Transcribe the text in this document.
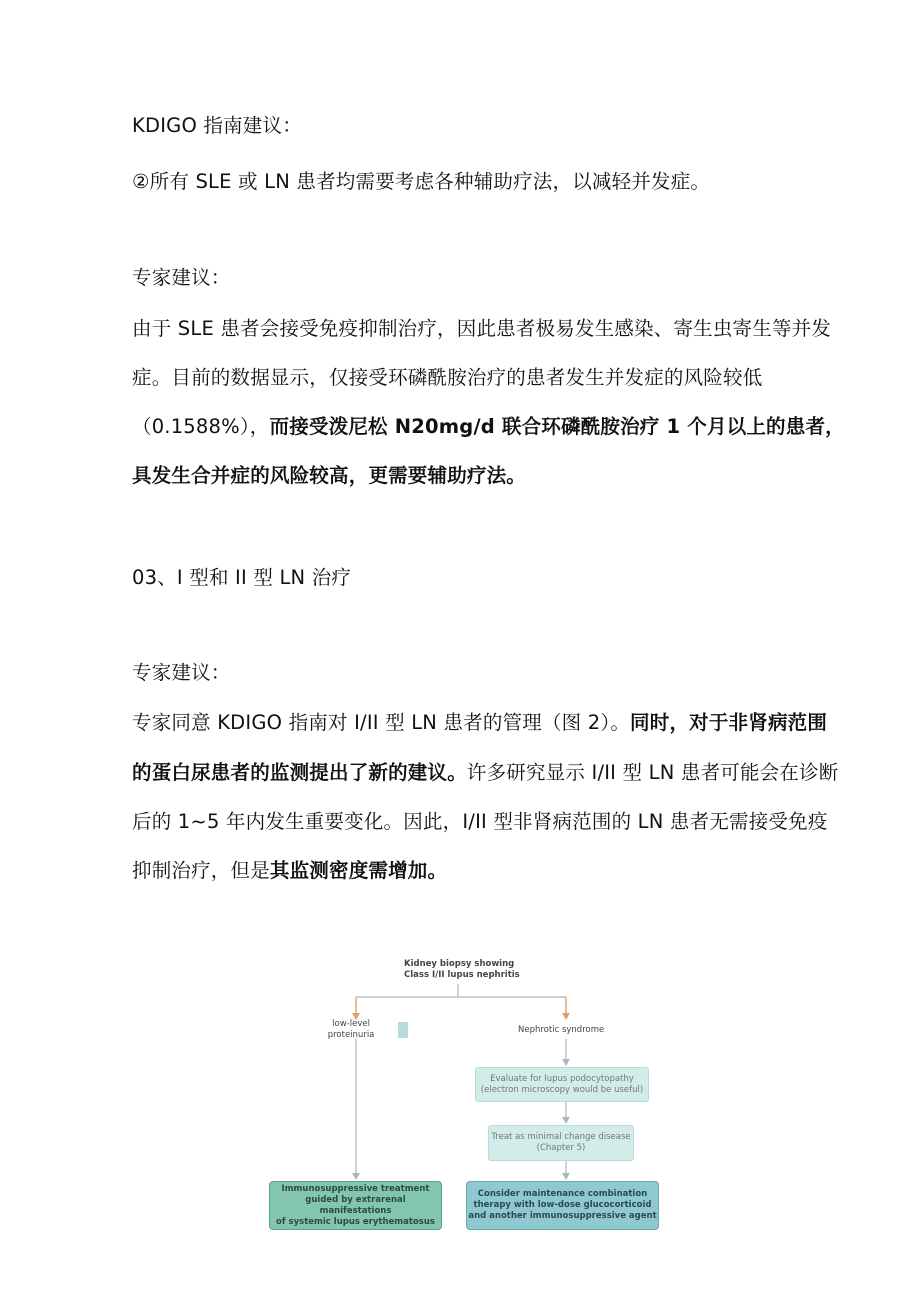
KDIGO 指南建议：
②所有 SLE 或 LN 患者均需要考虑各种辅助疗法，以减轻并发症。
专家建议：
由于 SLE 患者会接受免疫抑制治疗，因此患者极易发生感染、寄生虫寄生等并发
症。目前的数据显示，仅接受环磷酰胺治疗的患者发生并发症的风险较低
（0.1588%），而接受泼尼松 N20mg/d 联合环磷酰胺治疗 1 个月以上的患者，
具发生合并症的风险较高，更需要辅助疗法。
03、I 型和 II 型 LN 治疗
专家建议：
专家同意 KDIGO 指南对 I/II 型 LN 患者的管理（图 2）。同时，对于非肾病范围
的蛋白尿患者的监测提出了新的建议。许多研究显示 I/II 型 LN 患者可能会在诊断
后的 1~5 年内发生重要变化。因此，I/II 型非肾病范围的 LN 患者无需接受免疫
抑制治疗，但是其监测密度需增加。
Kidney biopsy showing
Class I/II lupus nephritis
low-level proteinuria
Nephrotic syndrome
Evaluate for lupus podocytopathy
(electron microscopy would be useful)
Treat as minimal change disease
(Chapter 5)
Immunosuppressive treatment
guided by extrarenal manifestations
of systemic lupus erythematosus
Consider maintenance combination
therapy with low-dose glucocorticoid
and another immunosuppressive agent
